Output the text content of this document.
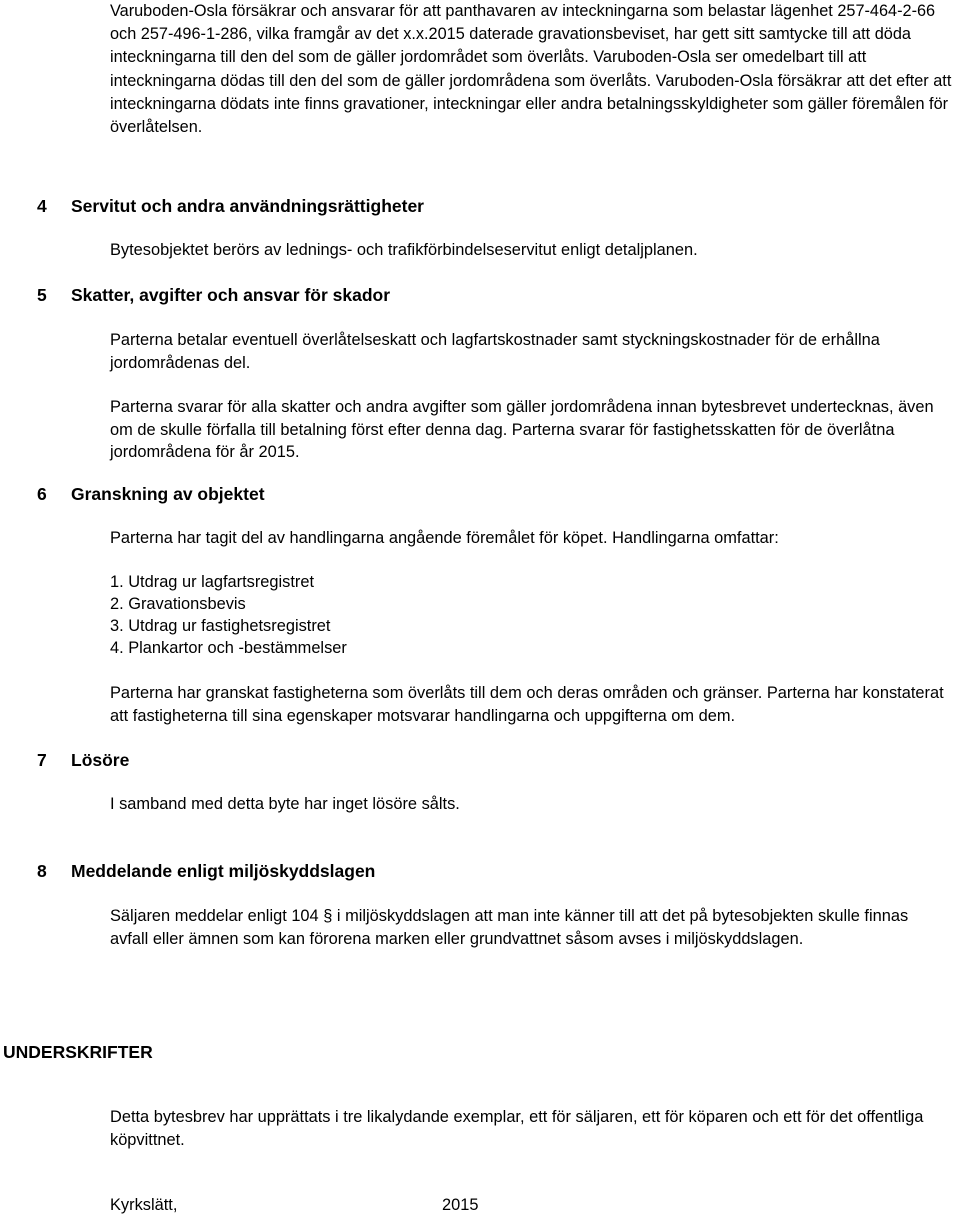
Varuboden-Osla försäkrar och ansvarar för att panthavaren av inteckningarna som belastar lägenhet 257-464-2-66 och 257-496-1-286, vilka framgår av det x.x.2015 daterade gravationsbeviset, har gett sitt samtycke till att döda inteckningarna till den del som de gäller jordområdet som överlåts. Varuboden-Osla ser omedelbart till att inteckningarna dödas till den del som de gäller jordområdena som överlåts. Varuboden-Osla försäkrar att det efter att inteckningarna dödats inte finns gravationer, inteckningar eller andra betalningsskyldigheter som gäller föremålen för överlåtelsen.
4 Servitut och andra användningsrättigheter
Bytesobjektet berörs av lednings- och trafikförbindelseservitut enligt detaljplanen.
5 Skatter, avgifter och ansvar för skador
Parterna betalar eventuell överlåtelseskatt och lagfartskostnader samt styckningskostnader för de erhållna jordområdenas del.
Parterna svarar för alla skatter och andra avgifter som gäller jordområdena innan bytesbrevet undertecknas, även om de skulle förfalla till betalning först efter denna dag. Parterna svarar för fastighetsskatten för de överlåtna jordområdena för år 2015.
6 Granskning av objektet
Parterna har tagit del av handlingarna angående föremålet för köpet. Handlingarna omfattar:
1. Utdrag ur lagfartsregistret
2. Gravationsbevis
3. Utdrag ur fastighetsregistret
4. Plankartor och -bestämmelser
Parterna har granskat fastigheterna som överlåts till dem och deras områden och gränser. Parterna har konstaterat att fastigheterna till sina egenskaper motsvarar handlingarna och uppgifterna om dem.
7 Lösöre
I samband med detta byte har inget lösöre sålts.
8 Meddelande enligt miljöskyddslagen
Säljaren meddelar enligt 104 § i miljöskyddslagen att man inte känner till att det på bytesobjekten skulle finnas avfall eller ämnen som kan förorena marken eller grundvattnet såsom avses i miljöskyddslagen.
UNDERSKRIFTER
Detta bytesbrev har upprättats i tre likalydande exemplar, ett för säljaren, ett för köparen och ett för det offentliga köpvittnet.
Kyrkslätt,	2015
